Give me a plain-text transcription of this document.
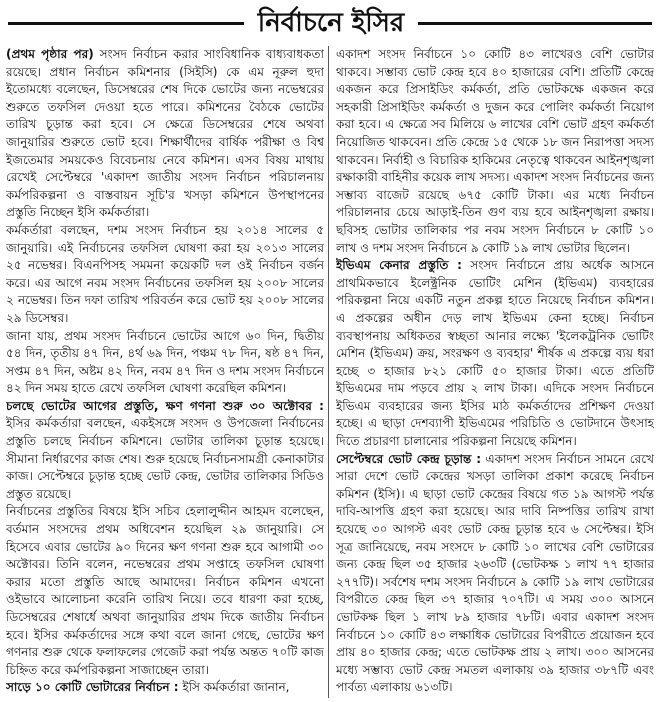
নির্বাচনে ইসির

(প্রথম পৃষ্ঠার পর) সংসদ নির্বাচন করার সাংবিধানিক বাধ্যবাধকতা রয়েছে। প্রধান নির্বাচন কমিশনার (সিইসি) কে এম নূরুল হুদা ইতোমধ্যে বলেছেন, ডিসেম্বরের শেষ দিকে ভোটের জন্য নভেম্বরের শুরুতে তফসিল দেওয়া হতে পারে। কমিশনের বৈঠকে ভোটের তারিখ চূড়ান্ত করা হবে। সে ক্ষেত্রে ডিসেম্বরের শেষে অথবা জানুয়ারির শুরুতে ভোট হবে। শিক্ষার্থীদের বার্ষিক পরীক্ষা ও বিশ্ব ইজতেমার সময়কেও বিবেচনায় নেবে কমিশন। এসব বিষয় মাথায় রেখেই সেপ্টেম্বরে 'একাদশ জাতীয় সংসদ নির্বাচন পরিচালনায় কর্মপরিকল্পনা ও বাস্তবায়ন সূচি'র খসড়া কমিশনে উপস্থাপনের প্রস্তুতি নিচ্ছেন ইসি কর্মকর্তারা।

কর্মকর্তারা বলছেন, দশম সংসদ নির্বাচন হয় ২০১৪ সালের ৫ জানুয়ারি। এই নির্বাচনের তফসিল ঘোষণা করা হয় ২০১৩ সালের ২৫ নভেম্বর। বিএনপিসহ সমমনা কয়েকটি দল ওই নির্বাচন বর্জন করে। এর আগে নবম সংসদ নির্বাচনের তফসিল হয় ২০০৮ সালের ২ নভেম্বর। তিন দফা তারিখ পরিবর্তন করে ভোট হয় ২০০৮ সালের ২৯ ডিসেম্বর।

জানা যায়, প্রথম সংসদ নির্বাচনে ভোটের আগে ৬০ দিন, দ্বিতীয় ৫৪ দিন, তৃতীয় ৪৭ দিন, ৪র্থ ৬৯ দিন, পঞ্চম ৭৮ দিন, ষষ্ঠ ৪৭ দিন, সপ্তম ৪৭ দিন, অষ্টম ৪২ দিন, নবম ৪৭ দিন ও দশম সংসদ নির্বাচনে ৪২ দিন সময় হাতে রেখে তফসিল ঘোষণা করেছিল কমিশন।

চলছে ভোটের আগের প্রস্তুতি, ক্ষণ গণনা শুরু ৩০ অক্টোবর : ইসির কর্মকর্তারা বলছেন, একইসঙ্গে সংসদ ও উপজেলা নির্বাচনের প্রস্তুতি চলছে নির্বাচন কমিশনে। ভোটার তালিকা চূড়ান্ত হয়েছে। সীমানা নির্ধারণের কাজ শেষ। শুরু হয়েছে নির্বাচনসামগ্রী কেনাকাটার কাজ। সেপ্টেম্বরে চূড়ান্ত হচ্ছে ভোট কেন্দ্র, ভোটার তালিকার সিডিও প্রস্তুত রয়েছে।

নির্বাচনের প্রস্তুতির বিষয়ে ইসি সচিব হেলালুদ্দীন আহমদ বলেছেন, বর্তমান সংসদের প্রথম অধিবেশন হয়েছিল ২৯ জানুয়ারি। সে হিসেবে এবার ভোটের ৯০ দিনের ক্ষণ গণনা শুরু হবে আগামী ৩০ অক্টোবর। তিনি বলেন, নভেম্বরের প্রথম সপ্তাহে তফসিল ঘোষণা করার মতো প্রস্তুতি আছে আমাদের। নির্বাচন কমিশন এখনো ওইভাবে আলোচনা করেনি তারিখ নিয়ে। তবে ধারণা করা হচ্ছে, ডিসেম্বরের শেষার্ধে অথবা জানুয়ারির প্রথম দিকে জাতীয় নির্বাচন হবে। ইসির কর্মকর্তাদের সঙ্গে কথা বলে জানা গেছে, ভোটের ক্ষণ গণনার শুরু থেকে ফলাফলের গেজেট করা পর্যন্ত অন্তত ৭০টি কাজ চিহ্নিত করে কর্মপরিকল্পনা সাজাচ্ছেন তারা।

সাড়ে ১০ কোটি ভোটারের নির্বাচন : ইসি কর্মকর্তারা জানান,

একাদশ সংসদ নির্বাচনে ১০ কোটি ৪৩ লাখেরও বেশি ভোটার থাকবে। সম্ভাব্য ভোট কেন্দ্র হবে ৪০ হাজারের বেশি। প্রতিটি কেন্দ্রে একজন করে প্রিসাইডিং কর্মকর্তা, প্রতি ভোটকক্ষে একজন করে সহকারী প্রিসাইডিং কর্মকর্তা ও দুজন করে পোলিং কর্মকর্তা নিয়োগ করা হবে। এ ক্ষেত্রে সব মিলিয়ে ৬ লাখের বেশি ভোট গ্রহণ কর্মকর্তা নিয়োজিত থাকবেন। প্রতি কেন্দ্রে ১৫ থেকে ১৮ জন নিরাপত্তা সদস্য থাকবেন। নির্বাহী ও বিচারিক হাকিমের নেতৃত্বে থাকবেন আইনশৃঙ্খলা রক্ষাকারী বাহিনীর কয়েক লাখ সদস্য। একাদশ সংসদ নির্বাচনের জন্য সম্ভাব্য বাজেট রয়েছে ৬৭৫ কোটি টাকা। এর মধ্যে নির্বাচন পরিচালনার চেয়ে আড়াই-তিন গুণ ব্যয় হবে আইনশৃঙ্খলা রক্ষায়। ছবিসহ ভোটার তালিকার পর নবম সংসদ নির্বাচনে ৮ কোটি ১০ লাখ ও দশম সংসদ নির্বাচনে ৯ কোটি ১৯ লাখ ভোটার ছিলেন।

ইভিএম কেনার প্রস্তুতি : সংসদ নির্বাচনে প্রায় অর্ধেক আসনে প্রাথমিকভাবে ইলেক্ট্রনিক ভোটিং মেশিন (ইভিএম) ব্যবহারের পরিকল্পনা নিয়ে একটি নতুন প্রকল্প হাতে নিয়েছে নির্বাচন কমিশন। এ প্রকল্পের অধীন দেড় লাখ ইভিএম কেনা হচ্ছে। নির্বাচন ব্যবস্থাপনায় অধিকতর স্বচ্ছতা আনার লক্ষ্যে 'ইলেকট্রনিক ভোটিং মেশিন (ইভিএম) ক্রয়, সংরক্ষণ ও ব্যবহার' শীর্ষক এ প্রকল্পে ব্যয় ধরা হচ্ছে ৩ হাজার ৮২১ কোটি ৫০ হাজার টাকা। এতে প্রতিটি ইভিএমের দাম পড়বে প্রায় ২ লাখ টাকা। এদিকে সংসদ নির্বাচনে ইভিএম ব্যবহারের জন্য ইসির মাঠ কর্মকর্তাদের প্রশিক্ষণ দেওয়া হচ্ছে। এ ছাড়া দেশব্যাপী ইভিএমের পরিচিতি ও ভোটদানে উৎসাহ দিতে প্রচারণা চালানোর পরিকল্পনা নিয়েছে কমিশন।

সেপ্টেম্বরে ভোট কেন্দ্র চূড়ান্ত : একাদশ সংসদ নির্বাচন সামনে রেখে সারা দেশে ভোট কেন্দ্রের খসড়া তালিকা প্রকাশ করেছে নির্বাচন কমিশন (ইসি)। এ ছাড়া ভোট কেন্দ্রের বিষয়ে গত ১৯ আগস্ট পর্যন্ত দাবি-আপত্তি গ্রহণ করা হয়েছে। আর দাবি নিষ্পত্তির তারিখ রাখা হয়েছে ৩০ আগস্ট এবং ভোট কেন্দ্র চূড়ান্ত হবে ৬ সেপ্টেম্বর। ইসি সূত্র জানিয়েছে, নবম সংসদে ৮ কোটি ১০ লাখের বেশি ভোটারের জন্য কেন্দ্র ছিল ৩৫ হাজার ২৬৩টি (ভোটকক্ষ ১ লাখ ৭৭ হাজার ২৭৭টি)। সর্বশেষ দশম সংসদ নির্বাচনে ৯ কোটি ১৯ লাখ ভোটারের বিপরীতে কেন্দ্র ছিল ৩৭ হাজার ৭০৭টি। এ সময় ৩০০ আসনে ভোটকক্ষ ছিল ১ লাখ ৮৯ হাজার ৭৮টি। এবার একাদশ সংসদ নির্বাচনে ১০ কোটি ৪৩ লক্ষাধিক ভোটারের বিপরীতে প্রয়োজন হবে প্রায় ৪০ হাজার কেন্দ্র; এতে ভোটকক্ষ প্রায় ২ লাখ। ৩০০ আসনের মধ্যে সম্ভাব্য ভোট কেন্দ্র সমতল এলাকায় ৩৯ হাজার ৩৮৭টি এবং পার্বত্য এলাকায় ৬১৩টি।
